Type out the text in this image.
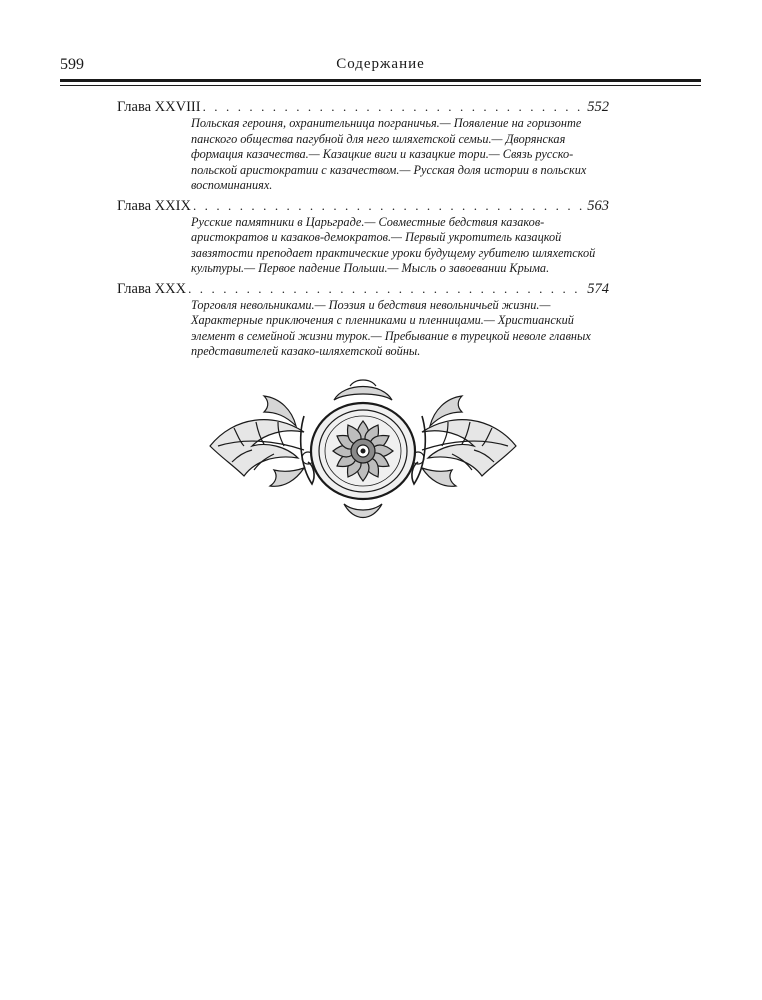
599	Содержание
Глава XXVIII . . .	552
Польская героиня, охранительница пограничья.— Появление на горизонте панского общества пагубной для него шляхетской семьи.— Дворянская формация казачества.— Казацкие виги и казацкие тори.— Связь русско-польской аристократии с казачеством.— Русская доля истории в польских воспоминаниях.
Глава XXIX . . .	563
Русские памятники в Царьграде.— Совместные бедствия казаков-аристократов и казаков-демократов.— Первый укротитель казацкой завзятости преподает практические уроки будущему губителю шляхетской культуры.— Первое падение Польши.— Мысль о завоевании Крыма.
Глава XXX . . .	574
Торговля невольниками.— Поэзия и бедствия невольничьей жизни.— Характерные приключения с пленниками и пленницами.— Христианский элемент в семейной жизни турок.— Пребывание в турецкой неволе главных представителей казако-шляхетской войны.
